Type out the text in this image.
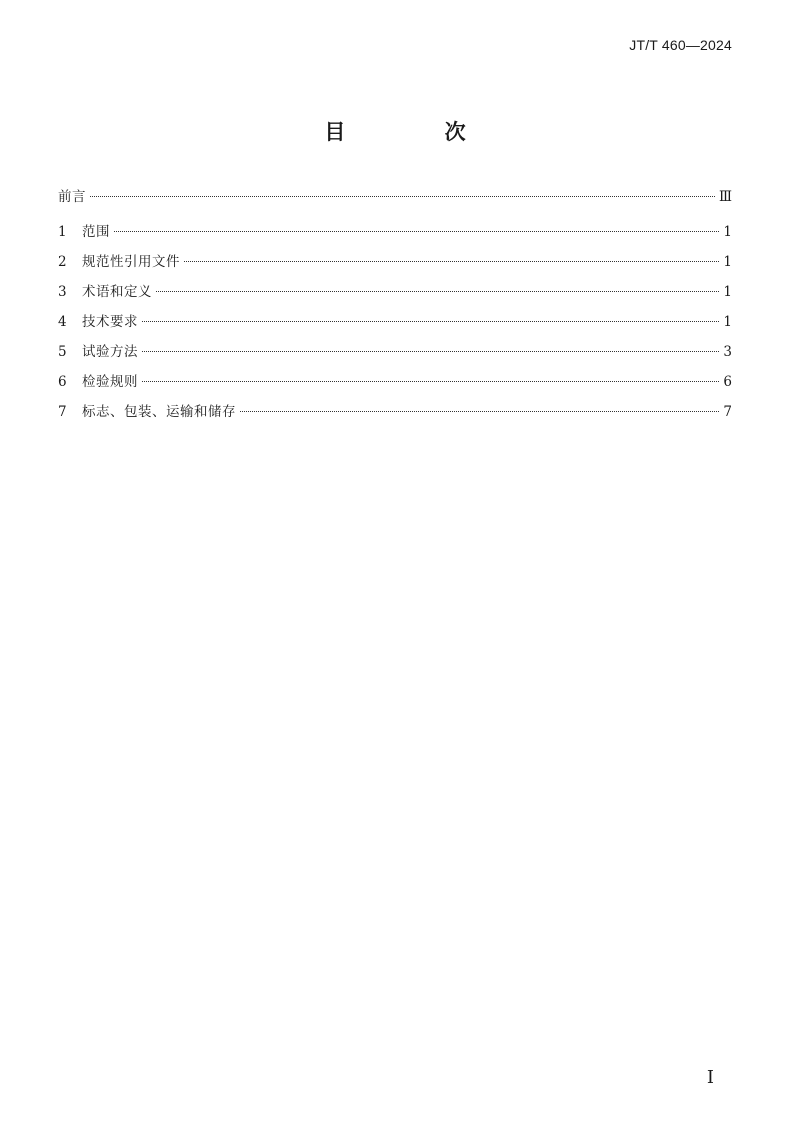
JT/T 460—2024
目 次
前言	Ⅲ
1	范围	1
2	规范性引用文件	1
3	术语和定义	1
4	技术要求	1
5	试验方法	3
6	检验规则	6
7	标志、包装、运输和储存	7
I
